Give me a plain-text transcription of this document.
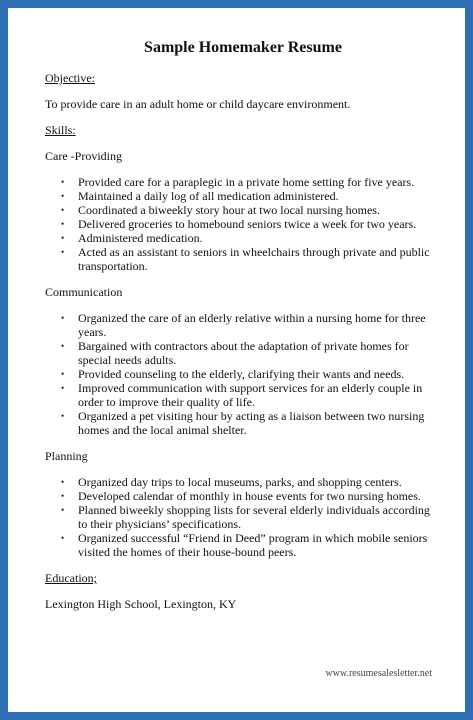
Sample Homemaker Resume
Objective:
To provide care in an adult home or child daycare environment.
Skills:
Care -Providing
• Provided care for a paraplegic in a private home setting for five years.
• Maintained a daily log of all medication administered.
• Coordinated a biweekly story hour at two local nursing homes.
• Delivered groceries to homebound seniors twice a week for two years.
• Administered medication.
• Acted as an assistant to seniors in wheelchairs through private and public transportation.
Communication
• Organized the care of an elderly relative within a nursing home for three years.
• Bargained with contractors about the adaptation of private homes for special needs adults.
• Provided counseling to the elderly, clarifying their wants and needs.
• Improved communication with support services for an elderly couple in order to improve their quality of life.
• Organized a pet visiting hour by acting as a liaison between two nursing homes and the local animal shelter.
Planning
• Organized day trips to local museums, parks, and shopping centers.
• Developed calendar of monthly in house events for two nursing homes.
• Planned biweekly shopping lists for several elderly individuals according to their physicians’ specifications.
• Organized successful “Friend in Deed” program in which mobile seniors visited the homes of their house-bound peers.
Education;
Lexington High School, Lexington, KY
www.resumesalesletter.net
